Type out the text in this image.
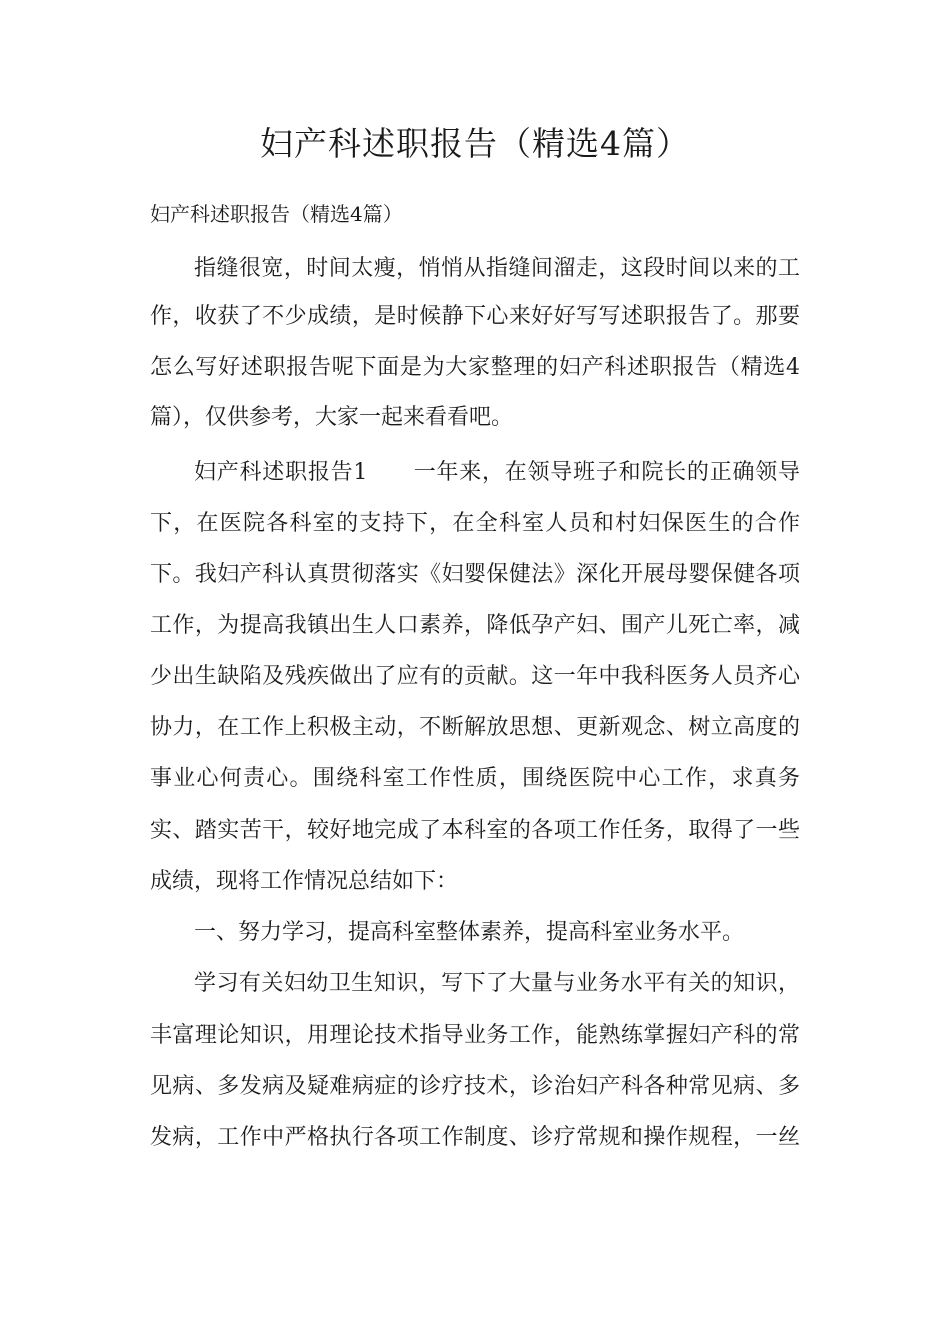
妇产科述职报告（精选4篇）

妇产科述职报告（精选4篇）

指缝很宽，时间太瘦，悄悄从指缝间溜走，这段时间以来的工

作，收获了不少成绩，是时候静下心来好好写写述职报告了。那要

怎么写好述职报告呢下面是为大家整理的妇产科述职报告（精选4

篇），仅供参考，大家一起来看看吧。

妇产科述职报告1　　一年来，在领导班子和院长的正确领导

下，在医院各科室的支持下，在全科室人员和村妇保医生的合作

下。我妇产科认真贯彻落实《妇婴保健法》深化开展母婴保健各项

工作，为提高我镇出生人口素养，降低孕产妇、围产儿死亡率，减

少出生缺陷及残疾做出了应有的贡献。这一年中我科医务人员齐心

协力，在工作上积极主动，不断解放思想、更新观念、树立高度的

事业心何责心。围绕科室工作性质，围绕医院中心工作，求真务

实、踏实苦干，较好地完成了本科室的各项工作任务，取得了一些

成绩，现将工作情况总结如下：

一、努力学习，提高科室整体素养，提高科室业务水平。

学习有关妇幼卫生知识，写下了大量与业务水平有关的知识，

丰富理论知识，用理论技术指导业务工作，能熟练掌握妇产科的常

见病、多发病及疑难病症的诊疗技术，诊治妇产科各种常见病、多

发病，工作中严格执行各项工作制度、诊疗常规和操作规程，一丝
